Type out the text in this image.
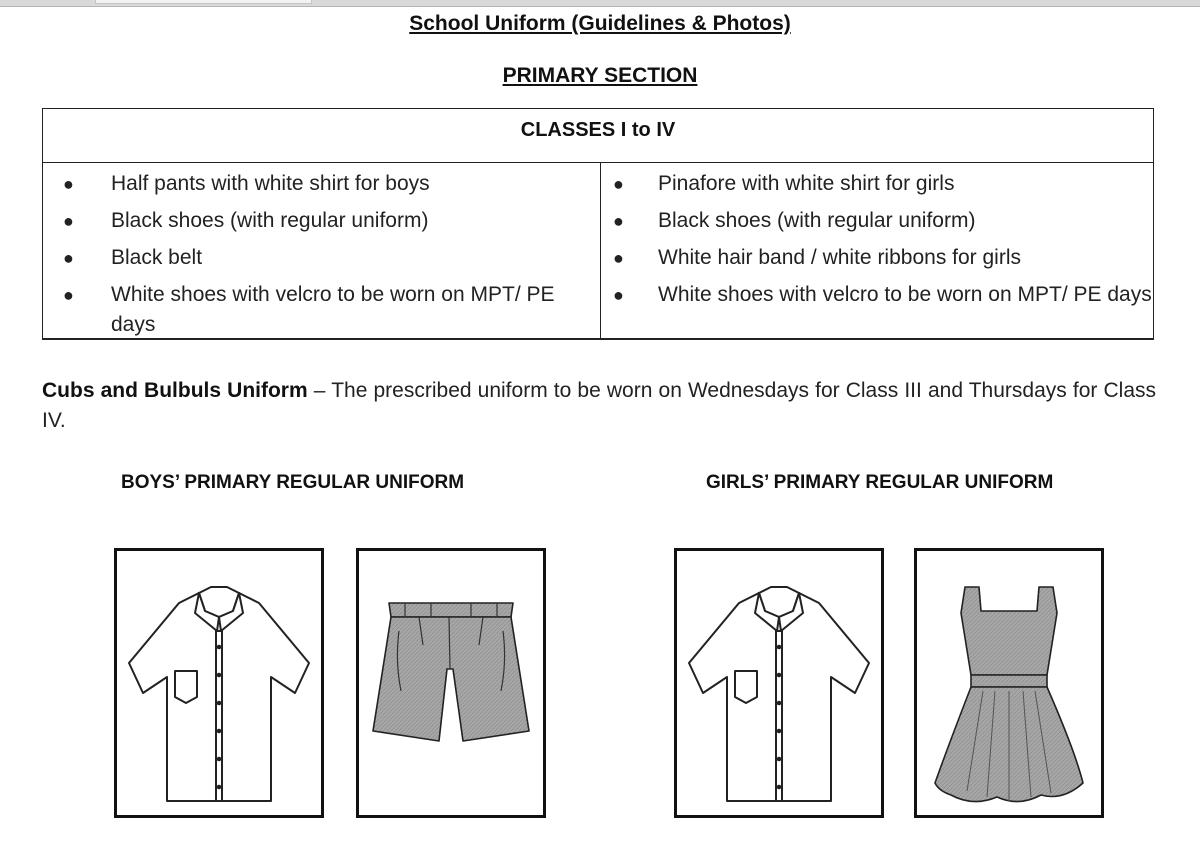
School Uniform (Guidelines & Photos)
PRIMARY SECTION
CLASSES I to IV
● Half pants with white shirt for boys
● Black shoes (with regular uniform)
● Black belt
● White shoes with velcro to be worn on MPT/ PE days
● Pinafore with white shirt for girls
● Black shoes (with regular uniform)
● White hair band / white ribbons for girls
● White shoes with velcro to be worn on MPT/ PE days
Cubs and Bulbuls Uniform – The prescribed uniform to be worn on Wednesdays for Class III and Thursdays for Class IV.
BOYS’ PRIMARY REGULAR UNIFORM	GIRLS’ PRIMARY REGULAR UNIFORM
